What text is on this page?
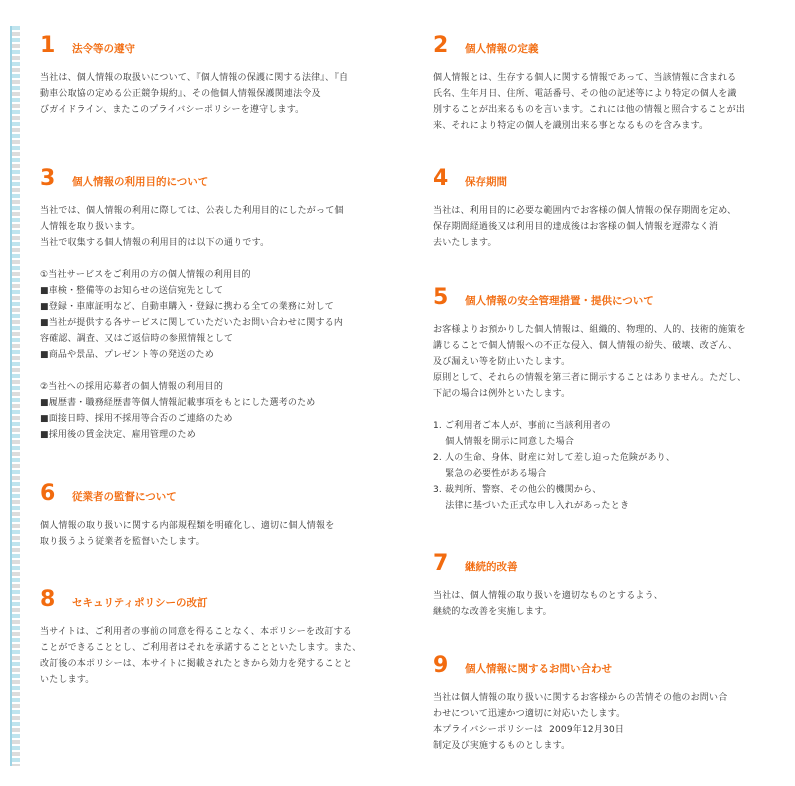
1	法令等の遵守
当社は、個人情報の取扱いについて、『個人情報の保護に関する法律』、『自
動車公取協の定める公正競争規約』、その他個人情報保護関連法令及
びガイドライン、またこのプライバシーポリシーを遵守します。
3	個人情報の利用目的について
当社では、個人情報の利用に際しては、公表した利用目的にしたがって個
人情報を取り扱います。
当社で収集する個人情報の利用目的は以下の通りです。
①当社サービスをご利用の方の個人情報の利用目的
■車検・整備等のお知らせの送信宛先として
■登録・車庫証明など、自動車購入・登録に携わる全ての業務に対して
■当社が提供する各サービスに関していただいたお問い合わせに関する内
容確認、調査、又はご返信時の参照情報として
■商品や景品、プレゼント等の発送のため
②当社への採用応募者の個人情報の利用目的
■履歴書・職務経歴書等個人情報記載事項をもとにした選考のため
■面接日時、採用不採用等合否のご連絡のため
■採用後の賃金決定、雇用管理のため
6	従業者の監督について
個人情報の取り扱いに関する内部規程類を明確化し、適切に個人情報を
取り扱うよう従業者を監督いたします。
8	セキュリティポリシーの改訂
当サイトは、ご利用者の事前の同意を得ることなく、本ポリシーを改訂する
ことができることとし、ご利用者はそれを承諾することといたします。また、
改訂後の本ポリシーは、本サイトに掲載されたときから効力を発することと
いたします。
2	個人情報の定義
個人情報とは、生存する個人に関する情報であって、当該情報に含まれる
氏名、生年月日、住所、電話番号、その他の記述等により特定の個人を識
別することが出来るものを言います。これには他の情報と照合することが出
来、それにより特定の個人を識別出来る事となるものを含みます。
4	保存期間
当社は、利用目的に必要な範囲内でお客様の個人情報の保存期間を定め、
保存期間経過後又は利用目的達成後はお客様の個人情報を遅滞なく消
去いたします。
5	個人情報の安全管理措置・提供について
お客様よりお預かりした個人情報は、組織的、物理的、人的、技術的施策を
講じることで個人情報への不正な侵入、個人情報の紛失、破壊、改ざん、
及び漏えい等を防止いたします。
原則として、それらの情報を第三者に開示することはありません。ただし、
下記の場合は例外といたします。
1. ご利用者ご本人が、事前に当該利用者の
個人情報を開示に同意した場合
2. 人の生命、身体、財産に対して差し迫った危険があり、
緊急の必要性がある場合
3. 裁判所、警察、その他公的機関から、
法律に基づいた正式な申し入れがあったとき
7	継続的改善
当社は、個人情報の取り扱いを適切なものとするよう、
継続的な改善を実施します。
9	個人情報に関するお問い合わせ
当社は個人情報の取り扱いに関するお客様からの苦情その他のお問い合
わせについて迅速かつ適切に対応いたします。
本プライバシーポリシーは  2009年12月30日
制定及び実施するものとします。
